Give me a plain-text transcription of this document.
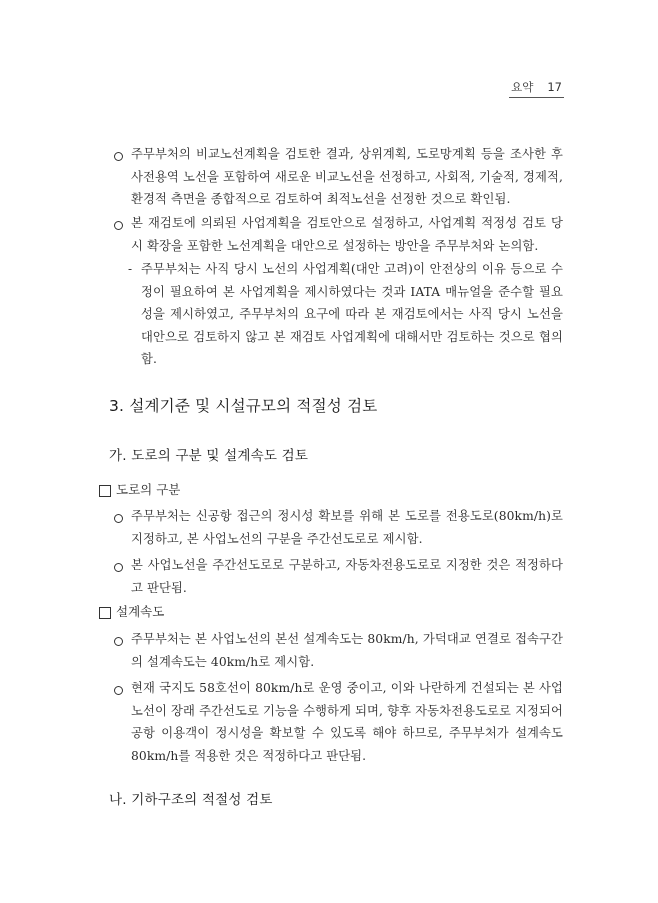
요약 17
주무부처의 비교노선계획을 검토한 결과, 상위계획, 도로망계획 등을 조사한 후 사전용역 노선을 포함하여 새로운 비교노선을 선정하고, 사회적, 기술적, 경제적, 환경적 측면을 종합적으로 검토하여 최적노선을 선정한 것으로 확인됨.
본 재검토에 의뢰된 사업계획을 검토안으로 설정하고, 사업계획 적정성 검토 당시 확장을 포함한 노선계획을 대안으로 설정하는 방안을 주무부처와 논의함.
- 주무부처는 사직 당시 노선의 사업계획(대안 고려)이 안전상의 이유 등으로 수정이 필요하여 본 사업계획을 제시하였다는 것과 IATA 매뉴얼을 준수할 필요성을 제시하였고, 주무부처의 요구에 따라 본 재검토에서는 사직 당시 노선을 대안으로 검토하지 않고 본 재검토 사업계획에 대해서만 검토하는 것으로 협의함.
3. 설계기준 및 시설규모의 적절성 검토
가. 도로의 구분 및 설계속도 검토
도로의 구분
주무부처는 신공항 접근의 정시성 확보를 위해 본 도로를 전용도로(80km/h)로 지정하고, 본 사업노선의 구분을 주간선도로로 제시함.
본 사업노선을 주간선도로로 구분하고, 자동차전용도로로 지정한 것은 적정하다고 판단됨.
설계속도
주무부처는 본 사업노선의 본선 설계속도는 80km/h, 가덕대교 연결로 접속구간의 설계속도는 40km/h로 제시함.
현재 국지도 58호선이 80km/h로 운영 중이고, 이와 나란하게 건설되는 본 사업노선이 장래 주간선도로 기능을 수행하게 되며, 향후 자동차전용도로로 지정되어 공항 이용객이 정시성을 확보할 수 있도록 해야 하므로, 주무부처가 설계속도 80km/h를 적용한 것은 적정하다고 판단됨.
나. 기하구조의 적절성 검토
